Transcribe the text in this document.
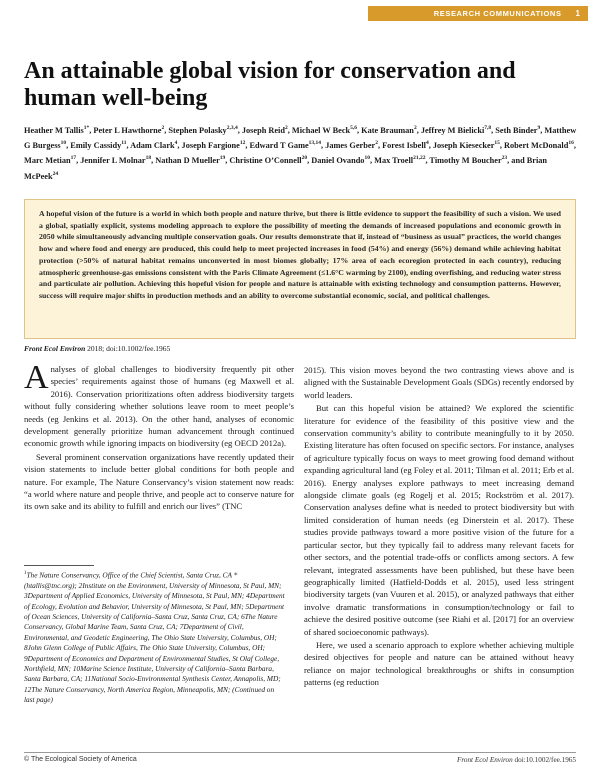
RESEARCH COMMUNICATIONS 1
An attainable global vision for conservation and human well-being
Heather M Tallis$^{1*}$, Peter L Hawthorne$^2$, Stephen Polasky$^{2,3,4}$, Joseph Reid$^2$, Michael W Beck$^{5,6}$, Kate Brauman$^2$, Jeffrey M Bielicki$^{7,8}$, Seth Binder$^9$, Matthew G Burgess$^{10}$, Emily Cassidy$^{11}$, Adam Clark$^4$, Joseph Fargione$^{12}$, Edward T Game$^{13,14}$, James Gerber$^2$, Forest Isbell$^4$, Joseph Kiesecker$^{15}$, Robert McDonald$^{16}$, Marc Metian$^{17}$, Jennifer L Molnar$^{18}$, Nathan D Mueller$^{19}$, Christine O’Connell$^{20}$, Daniel Ovando$^{10}$, Max Troell$^{21,22}$, Timothy M Boucher$^{23}$, and Brian McPeek$^{24}$

A hopeful vision of the future is a world in which both people and nature thrive, but there is little evidence to support the feasibility of such a vision. We used a global, spatially explicit, systems modeling approach to explore the possibility of meeting the demands of increased populations and economic growth in 2050 while simultaneously advancing multiple conservation goals. Our results demonstrate that if, instead of “business as usual” practices, the world changes how and where food and energy are produced, this could help to meet projected increases in food (54%) and energy (56%) demand while achieving habitat protection (>50% of natural habitat remains unconverted in most biomes globally; 17% area of each ecoregion protected in each country), reducing atmospheric greenhouse-gas emissions consistent with the Paris Climate Agreement (≤1.6°C warming by 2100), ending overfishing, and reducing water stress and particulate air pollution. Achieving this hopeful vision for people and nature is attainable with existing technology and consumption patterns. However, success will require major shifts in production methods and an ability to overcome substantial economic, social, and political challenges.

Front Ecol Environ 2018; doi:10.1002/fee.1965

Analyses of global challenges to biodiversity frequently pit other species’ requirements against those of humans (eg Maxwell et al. 2016). Conservation prioritizations often address biodiversity targets without fully considering whether solutions leave room to meet people’s needs (eg Jenkins et al. 2013). On the other hand, analyses of economic development generally prioritize human advancement through continued economic growth while ignoring impacts on biodiversity (eg OECD 2012a).

Several prominent conservation organizations have recently updated their vision statements to include better global conditions for both people and nature. For example, The Nature Conservancy’s vision statement now reads: “a world where nature and people thrive, and people act to conserve nature for its own sake and its ability to fulfill and enrich our lives” (TNC

$^1$The Nature Conservancy, Office of the Chief Scientist, Santa Cruz, CA *(htallis@tnc.org); 2Institute on the Environment, University of Minnesota, St Paul, MN; 3Department of Applied Economics, University of Minnesota, St Paul, MN; 4Department of Ecology, Evolution and Behavior, University of Minnesota, St Paul, MN; 5Department of Ocean Sciences, University of California–Santa Cruz, Santa Cruz, CA; 6The Nature Conservancy, Global Marine Team, Santa Cruz, CA; 7Department of Civil, Environmental, and Geodetic Engineering, The Ohio State University, Columbus, OH; 8John Glenn College of Public Affairs, The Ohio State University, Columbus, OH; 9Department of Economics and Department of Environmental Studies, St Olaf College, Northfield, MN; 10Marine Science Institute, University of California–Santa Barbara, Santa Barbara, CA; 11National Socio-Environmental Synthesis Center, Annapolis, MD; 12The Nature Conservancy, North America Region, Minneapolis, MN; (Continued on last page)

2015). This vision moves beyond the two contrasting views above and is aligned with the Sustainable Development Goals (SDGs) recently endorsed by world leaders.

But can this hopeful vision be attained? We explored the scientific literature for evidence of the feasibility of this positive view and the conservation community’s ability to contribute meaningfully to it by 2050. Existing literature has often focused on specific sectors. For instance, analyses of agriculture typically focus on ways to meet growing food demand without expanding agricultural land (eg Foley et al. 2011; Tilman et al. 2011; Erb et al. 2016). Energy analyses explore pathways to meet increasing demand alongside climate goals (eg Rogelj et al. 2015; Rockström et al. 2017). Conservation analyses define what is needed to protect biodiversity but with limited consideration of human needs (eg Dinerstein et al. 2017). These studies provide pathways toward a more positive vision of the future for a particular sector, but they typically fail to address many relevant facets for other sectors, and the potential trade-offs or conflicts among sectors. A few relevant, integrated assessments have been published, but these have been geographically limited (Hatfield-Dodds et al. 2015), used less stringent biodiversity targets (van Vuuren et al. 2015), or analyzed pathways that either involve dramatic transformations in consumption/technology or fail to achieve the desired positive outcome (see Riahi et al. [2017] for an overview of shared socioeconomic pathways).

Here, we used a scenario approach to explore whether achieving multiple desired objectives for people and nature can be attained without heavy reliance on major technological breakthroughs or shifts in consumption patterns (eg reduction

© The Ecological Society of America	Front Ecol Environ doi:10.1002/fee.1965
